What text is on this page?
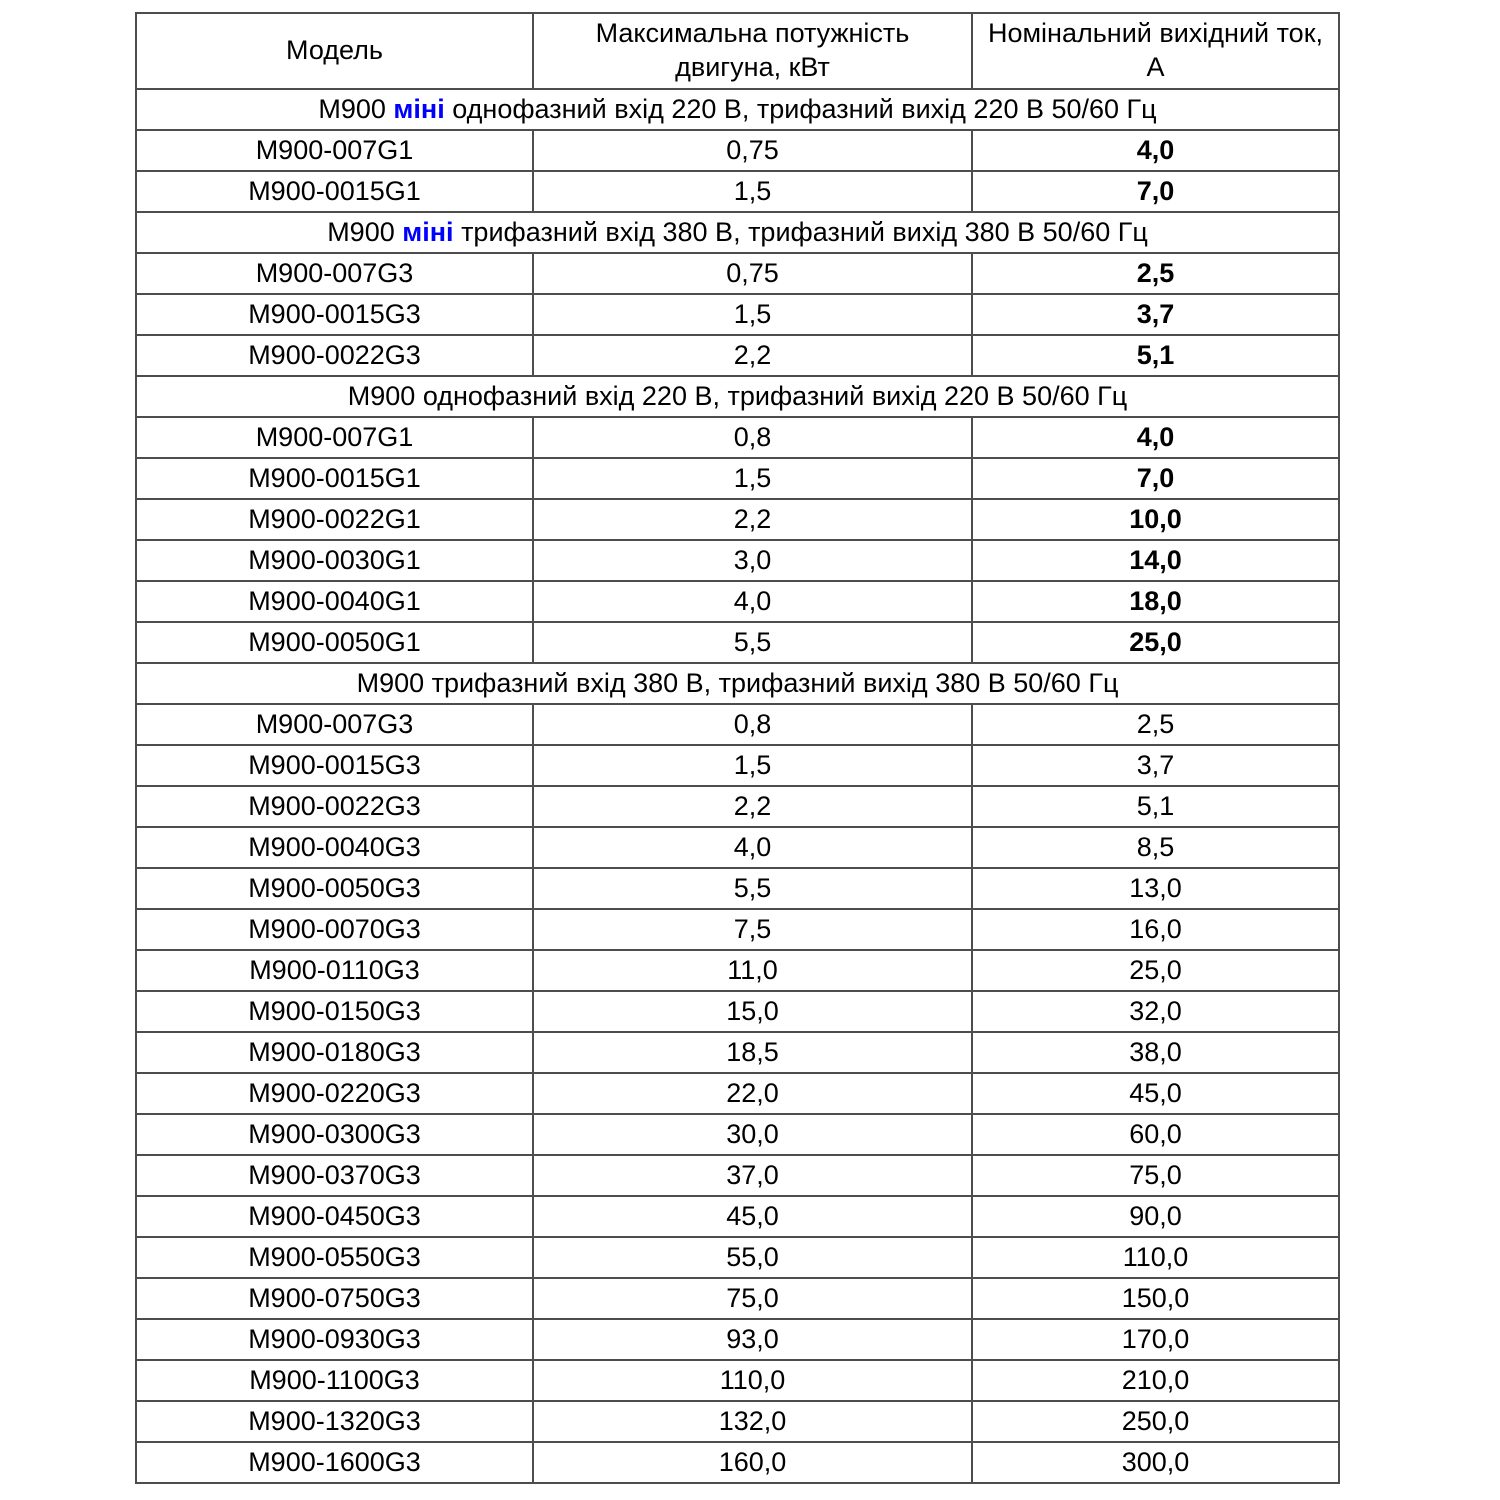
Модель	Максимальна потужність двигуна, кВт	Номінальний вихідний ток, А
М900 міні однофазний вхід 220 В, трифазний вихід 220 В 50/60 Гц		
M900-007G1	0,75	4,0
M900-0015G1	1,5	7,0
М900 міні трифазний вхід 380 В, трифазний вихід 380 В 50/60 Гц		
M900-007G3	0,75	2,5
M900-0015G3	1,5	3,7
M900-0022G3	2,2	5,1
М900 однофазний вхід 220 В, трифазний вихід 220 В 50/60 Гц		
M900-007G1	0,8	4,0
M900-0015G1	1,5	7,0
M900-0022G1	2,2	10,0
M900-0030G1	3,0	14,0
M900-0040G1	4,0	18,0
M900-0050G1	5,5	25,0
М900 трифазний вхід 380 В, трифазний вихід 380 В 50/60 Гц		
M900-007G3	0,8	2,5
M900-0015G3	1,5	3,7
M900-0022G3	2,2	5,1
M900-0040G3	4,0	8,5
M900-0050G3	5,5	13,0
M900-0070G3	7,5	16,0
M900-0110G3	11,0	25,0
M900-0150G3	15,0	32,0
M900-0180G3	18,5	38,0
M900-0220G3	22,0	45,0
M900-0300G3	30,0	60,0
M900-0370G3	37,0	75,0
M900-0450G3	45,0	90,0
M900-0550G3	55,0	110,0
M900-0750G3	75,0	150,0
M900-0930G3	93,0	170,0
M900-1100G3	110,0	210,0
M900-1320G3	132,0	250,0
M900-1600G3	160,0	300,0
